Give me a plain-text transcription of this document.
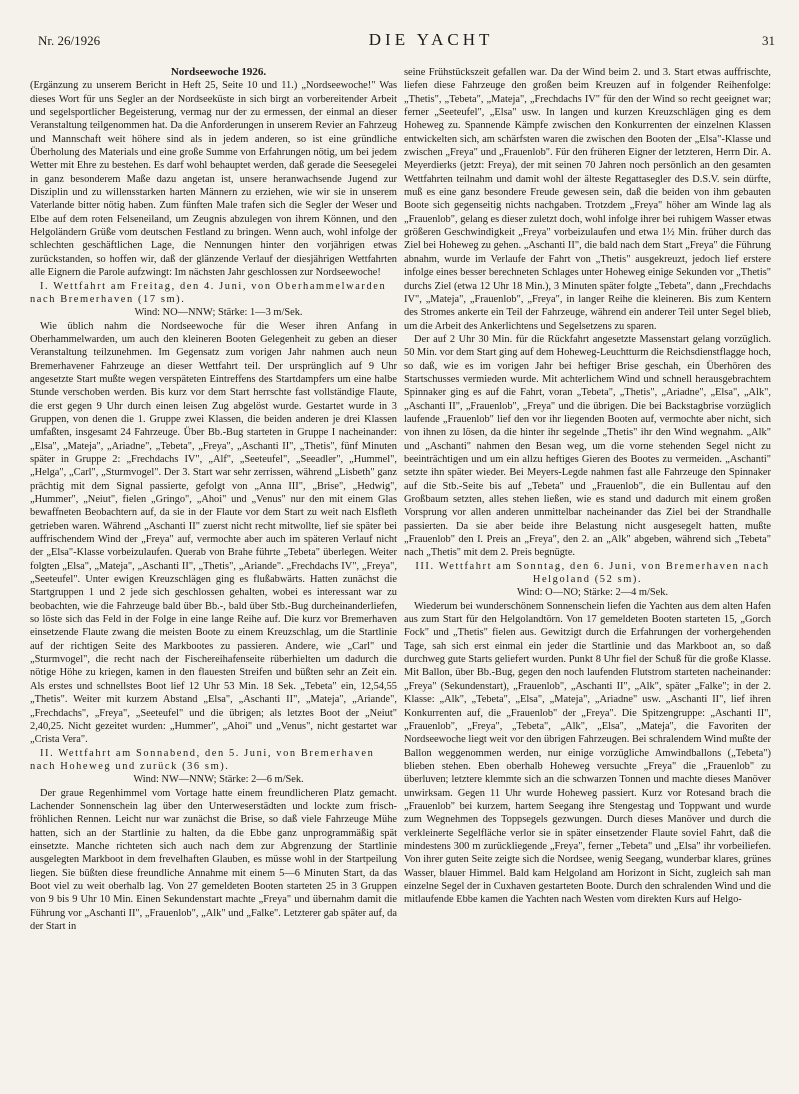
Nr. 26/1926	DIE YACHT	31

Nordseewoche 1926.

(Ergänzung zu unserem Bericht in Heft 25, Seite 10 und 11.) „Nordseewoche!" Was dieses Wort für uns Segler an der Nordseeküste in sich birgt an vorbereitender Arbeit und segelsportlicher Begeisterung, vermag nur der zu ermessen, der einmal an dieser Veranstaltung teilgenommen hat. Da die Anforderungen in unserem Revier an Fahrzeug und Mannschaft weit höhere sind als in jedem anderen, so ist eine gründliche Überholung des Materials und eine große Summe von Erfahrungen nötig, um bei jedem Wetter mit Ehre zu bestehen. Es darf wohl behauptet werden, daß gerade die Seesegelei in ganz besonderem Maße dazu angetan ist, unsere heranwachsende Jugend zur Disziplin und zu willensstarken harten Männern zu erziehen, wie wir sie in unserem Vaterlande bitter nötig haben. Zum fünften Male trafen sich die Segler der Weser und Elbe auf dem roten Felseneiland, um Zeugnis abzulegen von ihrem Können, und den Helgoländern Grüße vom deutschen Festland zu bringen. Wenn auch, wohl infolge der schlechten geschäftlichen Lage, die Nennungen hinter den vorjährigen etwas zurückstanden, so hoffen wir, daß der glänzende Verlauf der diesjährigen Wettfahrten alle Eignern die Parole aufzwingt: Im nächsten Jahr geschlossen zur Nordseewoche!

I. Wettfahrt am Freitag, den 4. Juni, von Oberhammelwarden nach Bremerhaven (17 sm).

Wind: NO—NNW; Stärke: 1—3 m/Sek.

Wie üblich nahm die Nordseewoche für die Weser ihren Anfang in Oberhammelwarden, um auch den kleineren Booten Gelegenheit zu geben an dieser Veranstaltung teilzunehmen. Im Gegensatz zum vorigen Jahr nahmen auch neun Bremerhavener Fahrzeuge an dieser Wettfahrt teil. Der ursprünglich auf 9 Uhr angesetzte Start mußte wegen verspäteten Eintreffens des Startdampfers um eine halbe Stunde verschoben werden. Bis kurz vor dem Start herrschte fast vollständige Flaute, die erst gegen 9 Uhr durch einen leisen Zug abgelöst wurde. Gestartet wurde in 3 Gruppen, von denen die 1. Gruppe zwei Klassen, die beiden anderen je drei Klassen umfaßten, insgesamt 24 Fahrzeuge. Über Bb.-Bug starteten in Gruppe I nacheinander: „Elsa", „Mateja", „Ariadne", „Tebeta", „Freya", „Aschanti II", „Thetis", fünf Minuten später in Gruppe 2: „Frechdachs IV", „Alf", „Seeteufel", „Seeadler", „Hummel", „Helga", „Carl", „Sturmvogel". Der 3. Start war sehr zerrissen, während „Lisbeth" ganz prächtig mit dem Signal passierte, gefolgt von „Anna III", „Brise", „Hedwig", „Hummer", „Neiut", fielen „Gringo", „Ahoi" und „Venus" nur den mit einem Glas bewaffneten Beobachtern auf, da sie in der Flaute vor dem Start zu weit nach Elsfleth getrieben waren. Während „Aschanti II" zuerst nicht recht mitwollte, lief sie später bei auffrischendem Wind der „Freya" auf, vermochte aber auch im späteren Verlauf nicht der „Elsa"-Klasse vorbeizulaufen. Querab von Brahe führte „Tebeta" überlegen. Weiter folgten „Elsa", „Mateja", „Aschanti II", „Thetis", „Ariande". „Frechdachs IV", „Freya", „Seeteufel". Unter ewigen Kreuzschlägen ging es flußabwärts. Hatten zunächst die Startgruppen 1 und 2 jede sich geschlossen gehalten, wobei es interessant war zu beobachten, wie die Fahrzeuge bald über Bb.-, bald über Stb.-Bug durcheinanderliefen, so löste sich das Feld in der Folge in eine lange Reihe auf. Die kurz vor Bremerhaven einsetzende Flaute zwang die meisten Boote zu einem Kreuzschlag, um die Startlinie auf der richtigen Seite des Markbootes zu passieren. Andere, wie „Carl" und „Sturmvogel", die recht nach der Fischereihafenseite rüberhielten um dadurch die nötige Höhe zu kriegen, kamen in den flauesten Streifen und büßten sehr an Zeit ein. Als erstes und schnellstes Boot lief 12 Uhr 53 Min. 18 Sek. „Tebeta" ein, 12,54,55 „Thetis". Weiter mit kurzem Abstand „Elsa", „Aschanti II", „Mateja", „Ariande", „Frechdachs", „Freya", „Seeteufel" und die übrigen; als letztes Boot der „Neiut" 2,40,25. Nicht gezeitet wurden: „Hummer", „Ahoi" und „Venus", nicht gestartet war „Crista Vera".

II. Wettfahrt am Sonnabend, den 5. Juni, von Bremerhaven nach Hoheweg und zurück (36 sm).

Wind: NW—NNW; Stärke: 2—6 m/Sek.

Der graue Regenhimmel vom Vortage hatte einem freundlicheren Platz gemacht. Lachender Sonnenschein lag über den Unterweserstädten und lockte zum frisch-fröhlichen Rennen. Leicht nur war zunächst die Brise, so daß viele Fahrzeuge Mühe hatten, sich an der Startlinie zu halten, da die Ebbe ganz unprogrammäßig spät einsetzte. Manche richteten sich auch nach dem zur Abgrenzung der Startlinie ausgelegten Markboot in dem frevelhaften Glauben, es müsse wohl in der Startpeilung liegen. Sie büßten diese freundliche Annahme mit einem 5—6 Minuten Start, da das Boot viel zu weit oberhalb lag. Von 27 gemeldeten Booten starteten 25 in 3 Gruppen von 9 bis 9 Uhr 10 Min. Einen Sekundenstart machte „Freya" und übernahm damit die Führung vor „Aschanti II", „Frauenlob", „Alk" und „Falke". Letzterer gab später auf, da der Start in

seine Frühstückszeit gefallen war. Da der Wind beim 2. und 3. Start etwas auffrischte, liefen diese Fahrzeuge den großen beim Kreuzen auf in folgender Reihenfolge: „Thetis", „Tebeta", „Mateja", „Frechdachs IV" für den der Wind so recht geeignet war; ferner „Seeteufel", „Elsa" usw. In langen und kurzen Kreuzschlägen ging es dem Hoheweg zu. Spannende Kämpfe zwischen den Konkurrenten der einzelnen Klassen entwickelten sich, am schärfsten waren die zwischen den Booten der „Elsa"-Klasse und zwischen „Freya" und „Frauenlob". Für den früheren Eigner der letzteren, Herrn Dir. A. Meyerdierks (jetzt: Freya), der mit seinen 70 Jahren noch persönlich an den gesamten Wettfahrten teilnahm und damit wohl der älteste Regattasegler des D.S.V. sein dürfte, muß es eine ganz besondere Freude gewesen sein, daß die beiden von ihm gebauten Boote sich gegenseitig nichts nachgaben. Trotzdem „Freya" höher am Winde lag als „Frauenlob", gelang es dieser zuletzt doch, wohl infolge ihrer bei ruhigem Wasser etwas größeren Geschwindigkeit „Freya" vorbeizulaufen und etwa 1½ Min. früher durch das Ziel bei Hoheweg zu gehen. „Aschanti II", die bald nach dem Start „Freya" die Führung abnahm, wurde im Verlaufe der Fahrt von „Thetis" ausgekreuzt, jedoch lief erstere infolge eines besser berechneten Schlages unter Hoheweg einige Sekunden vor „Thetis" durchs Ziel (etwa 12 Uhr 18 Min.), 3 Minuten später folgte „Tebeta", dann „Frechdachs IV", „Mateja", „Frauenlob", „Freya", in langer Reihe die kleineren. Bis zum Kentern des Stromes ankerte ein Teil der Fahrzeuge, während ein anderer Teil unter Segel blieb, um die Arbeit des Ankerlichtens und Segelsetzens zu sparen.

Der auf 2 Uhr 30 Min. für die Rückfahrt angesetzte Massenstart gelang vorzüglich. 50 Min. vor dem Start ging auf dem Hoheweg-Leuchtturm die Reichsdienstflagge hoch, so daß, wie es im vorigen Jahr bei heftiger Brise geschah, ein Überhören des Startschusses vermieden wurde. Mit achterlichem Wind und schnell herausgebrachtem Spinnaker ging es auf die Fahrt, voran „Tebeta", „Thetis", „Ariadne", „Elsa", „Alk", „Aschanti II", „Frauenlob", „Freya" und die übrigen. Die bei Backstagbrise vorzüglich laufende „Frauenlob" lief den vor ihr liegenden Booten auf, vermochte aber nicht, sich von ihnen zu lösen, da die hinter ihr segelnde „Thetis" ihr den Wind wegnahm. „Alk" und „Aschanti" nahmen den Besan weg, um die vorne stehenden Segel nicht zu beeinträchtigen und um ein allzu heftiges Gieren des Bootes zu vermeiden. „Aschanti" setzte ihn später wieder. Bei Meyers-Legde nahmen fast alle Fahrzeuge den Spinnaker auf die Stb.-Seite bis auf „Tebeta" und „Frauenlob", die ein Bullentau auf den Großbaum setzten, alles stehen ließen, wie es stand und dadurch mit einem großen Vorsprung vor allen anderen unmittelbar nacheinander das Ziel bei der Strandhalle passierten. Da sie aber beide ihre Belastung nicht ausgesegelt hatten, mußte „Frauenlob" den I. Preis an „Freya", den 2. an „Alk" abgeben, während sich „Tebeta" nach „Thetis" mit dem 2. Preis begnügte.

III. Wettfahrt am Sonntag, den 6. Juni, von Bremerhaven nach Helgoland (52 sm).

Wind: O—NO; Stärke: 2—4 m/Sek.

Wiederum bei wunderschönem Sonnenschein liefen die Yachten aus dem alten Hafen aus zum Start für den Helgolandtörn. Von 17 gemeldeten Booten starteten 15, „Gorch Fock" und „Thetis" fielen aus. Gewitzigt durch die Erfahrungen der vorhergehenden Tage, sah sich erst einmal ein jeder die Startlinie und das Markboot an, so daß durchweg gute Starts geliefert wurden. Punkt 8 Uhr fiel der Schuß für die große Klasse. Mit Ballon, über Bb.-Bug, gegen den noch laufenden Flutstrom starteten nacheinander: „Freya" (Sekundenstart), „Frauenlob", „Aschanti II", „Alk", später „Falke"; in der 2. Klasse: „Alk", „Tebeta", „Elsa", „Mateja", „Ariadne" usw. „Aschanti II", lief ihren Konkurrenten auf, die „Frauenlob" der „Freya". Die Spitzengruppe: „Aschanti II", „Frauenlob", „Freya", „Tebeta", „Alk", „Elsa", „Mateja", die Favoriten der Nordseewoche liegt weit vor den übrigen Fahrzeugen. Bei schralendem Wind mußte der Ballon weggenommen werden, nur einige vorzügliche Amwindballons („Tebeta") blieben stehen. Eben oberhalb Hoheweg versuchte „Freya" die „Frauenlob" zu überluven; letztere klemmte sich an die schwarzen Tonnen und machte dieses Manöver unwirksam. Gegen 11 Uhr wurde Hoheweg passiert. Kurz vor Rotesand brach die „Frauenlob" bei kurzem, hartem Seegang ihre Stengestag und Toppwant und wurde zum Wegnehmen des Toppsegels gezwungen. Durch dieses Manöver und durch die verkleinerte Segelfläche verlor sie in später einsetzender Flaute soviel Fahrt, daß die mindestens 300 m zurückliegende „Freya", ferner „Tebeta" und „Elsa" ihr vorbeiliefen. Von ihrer guten Seite zeigte sich die Nordsee, wenig Seegang, wunderbar klares, grünes Wasser, blauer Himmel. Bald kam Helgoland am Horizont in Sicht, zugleich sah man einzelne Segel der in Cuxhaven gestarteten Boote. Durch den schralenden Wind und die mitlaufende Ebbe kamen die Yachten nach Westen vom direkten Kurs auf Helgo-
